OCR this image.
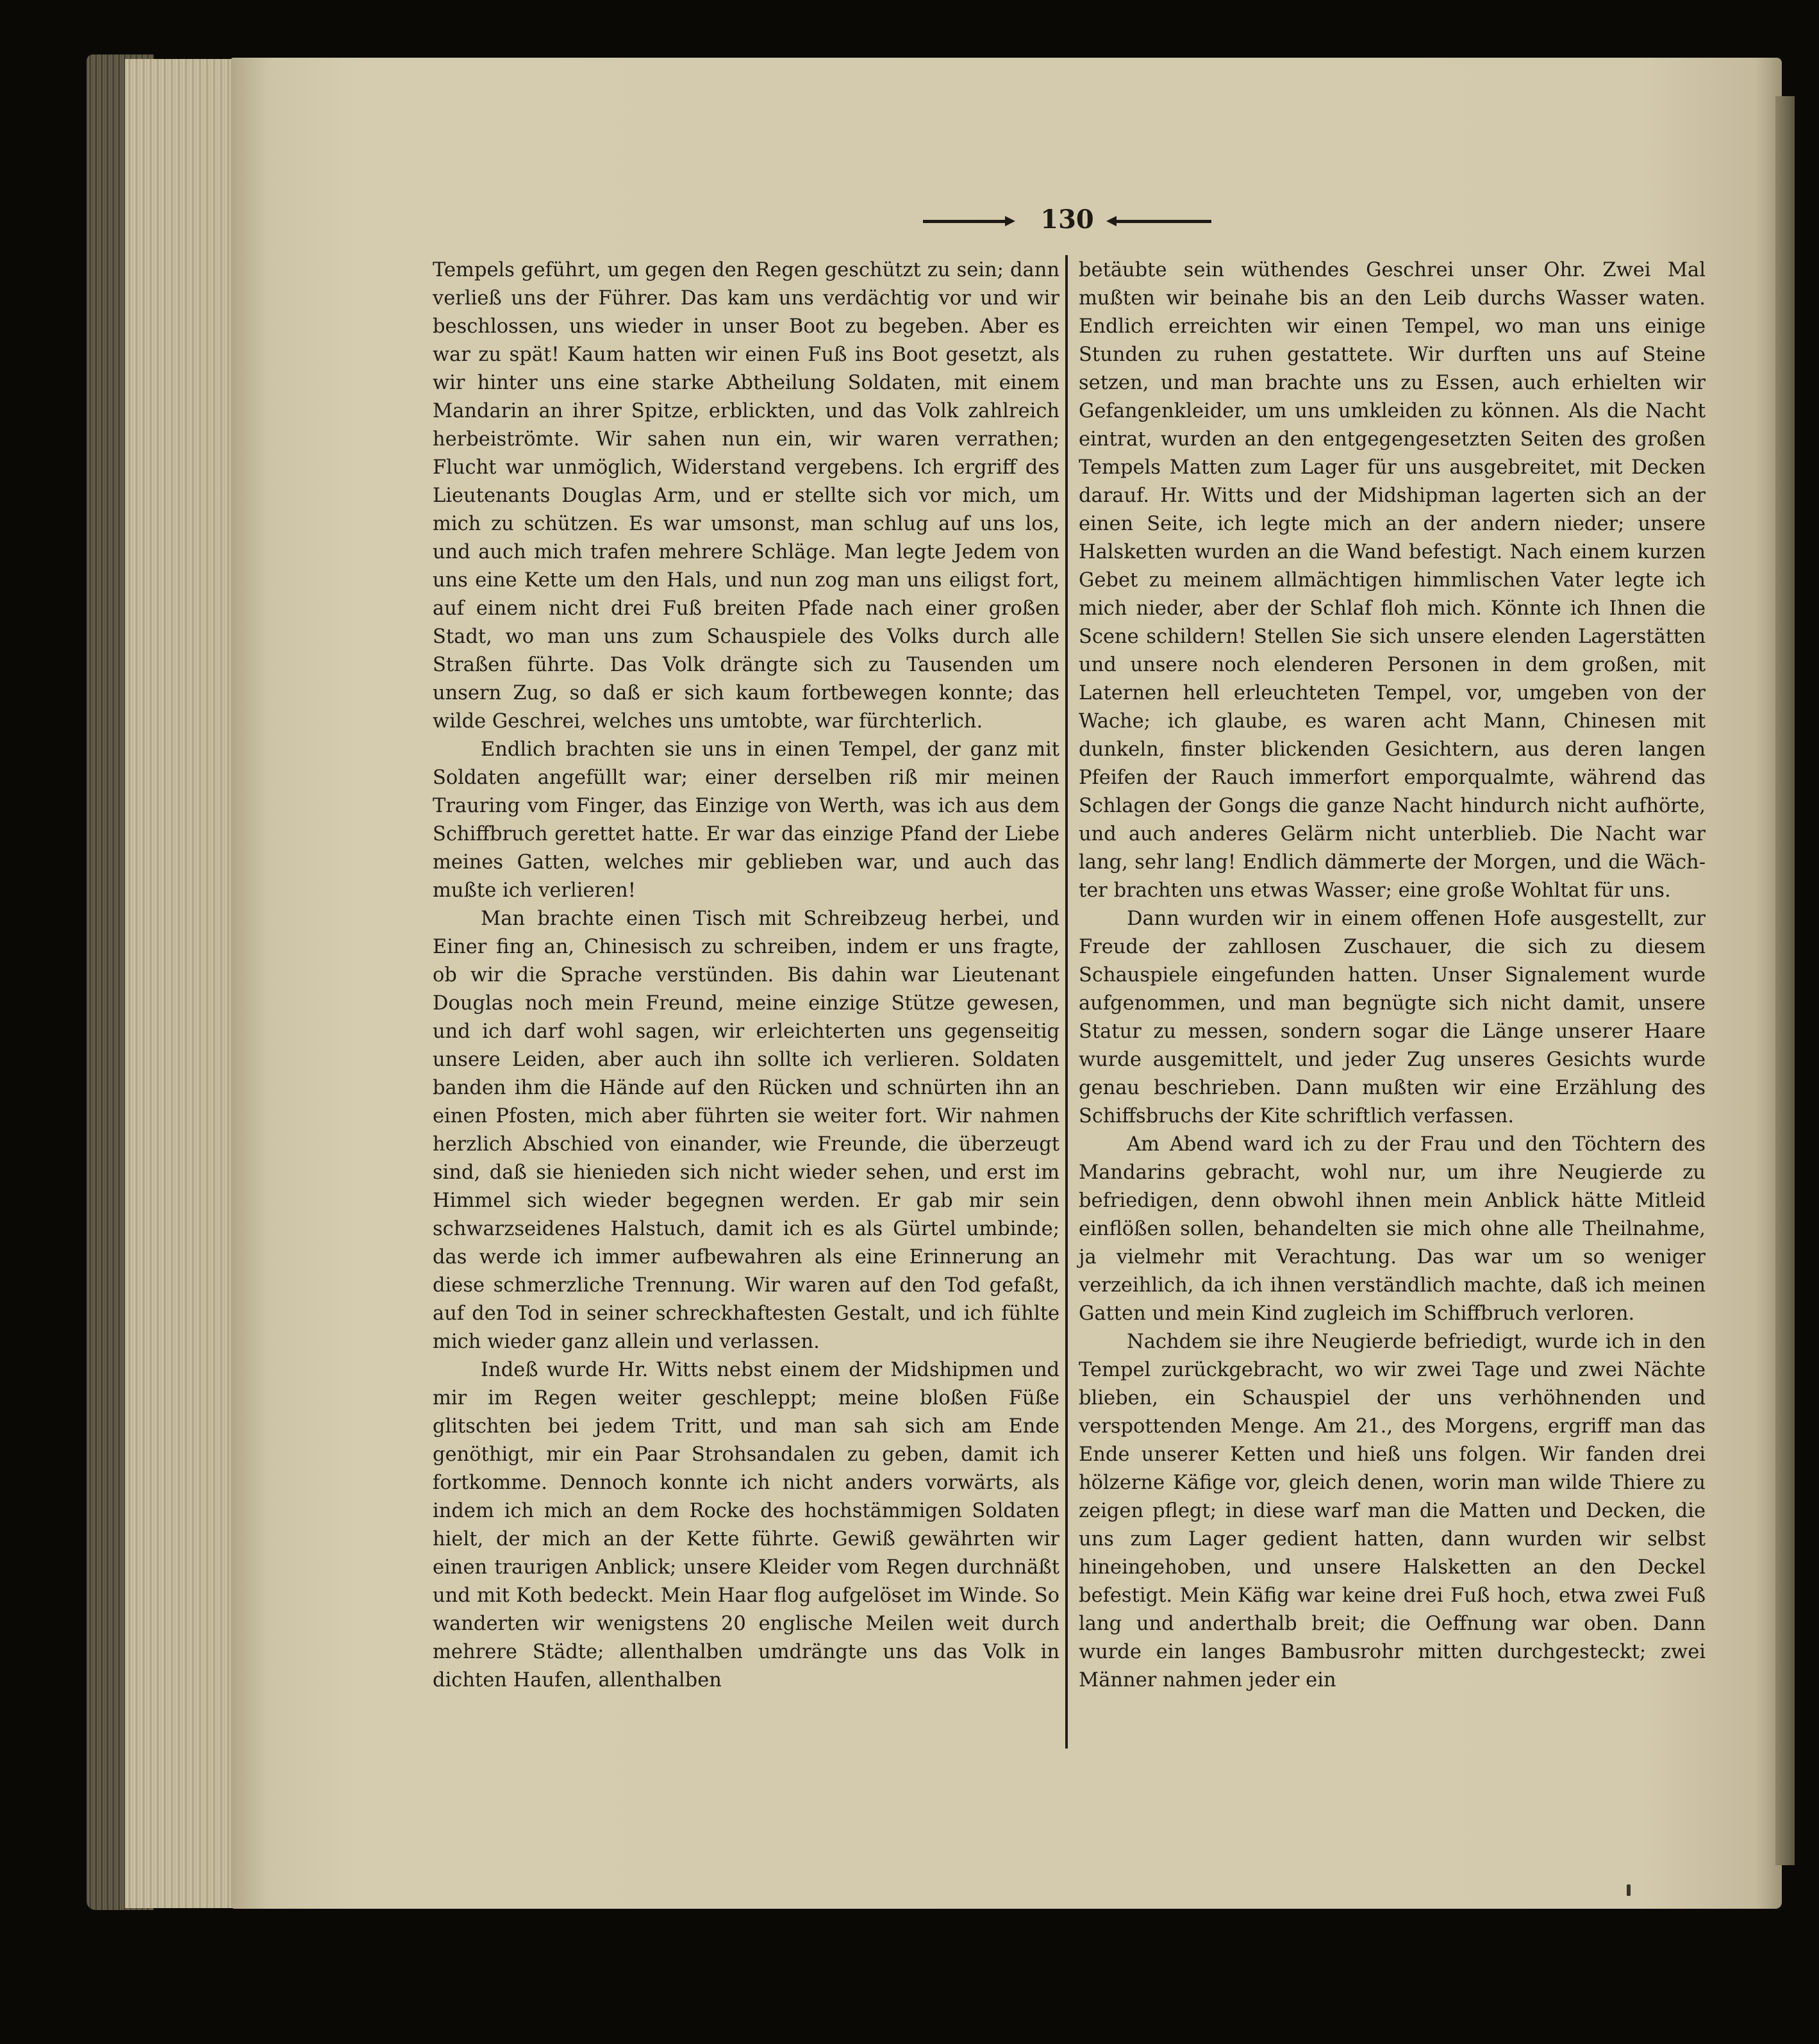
130

Tempels geführt, um gegen den Regen geschützt zu sein; dann verließ uns der Führer. Das kam uns verdächtig vor und wir beschlossen, uns wieder in unser Boot zu begeben. Aber es war zu spät! Kaum hatten wir einen Fuß ins Boot gesetzt, als wir hinter uns eine starke Abtheilung Soldaten, mit einem Mandarin an ihrer Spitze, erblickten, und das Volk zahlreich herbeiströmte. Wir sahen nun ein, wir waren verrathen; Flucht war unmöglich, Widerstand vergebens. Ich ergriff des Lieutenants Douglas Arm, und er stellte sich vor mich, um mich zu schützen. Es war umsonst, man schlug auf uns los, und auch mich trafen mehrere Schläge. Man legte Jedem von uns eine Kette um den Hals, und nun zog man uns eiligst fort, auf einem nicht drei Fuß breiten Pfade nach einer großen Stadt, wo man uns zum Schauspiele des Volks durch alle Straßen führte. Das Volk drängte sich zu Tausenden um unsern Zug, so daß er sich kaum fortbewegen konnte; das wilde Geschrei, welches uns umtobte, war fürchterlich.

Endlich brachten sie uns in einen Tempel, der ganz mit Soldaten angefüllt war; einer derselben riß mir meinen Trauring vom Finger, das Einzige von Werth, was ich aus dem Schiffbruch gerettet hatte. Er war das einzige Pfand der Liebe meines Gatten, welches mir geblieben war, und auch das mußte ich verlieren!

Man brachte einen Tisch mit Schreibzeug herbei, und Einer fing an, Chinesisch zu schreiben, indem er uns fragte, ob wir die Sprache verstünden. Bis dahin war Lieutenant Douglas noch mein Freund, meine einzige Stütze gewesen, und ich darf wohl sagen, wir erleichterten uns gegenseitig unsere Leiden, aber auch ihn sollte ich verlieren. Soldaten banden ihm die Hände auf den Rücken und schnürten ihn an einen Pfosten, mich aber führten sie weiter fort. Wir nahmen herzlich Abschied von einander, wie Freunde, die überzeugt sind, daß sie hienieden sich nicht wieder sehen, und erst im Himmel sich wieder begegnen werden. Er gab mir sein schwarzseidenes Halstuch, damit ich es als Gürtel umbinde; das werde ich immer aufbewahren als eine Erinnerung an diese schmerzliche Trennung. Wir waren auf den Tod gefaßt, auf den Tod in seiner schreckhaftesten Gestalt, und ich fühlte mich wieder ganz allein und verlassen.

Indeß wurde Hr. Witts nebst einem der Midshipmen und mir im Regen weiter geschleppt; meine bloßen Füße glitschten bei jedem Tritt, und man sah sich am Ende genöthigt, mir ein Paar Strohsandalen zu geben, damit ich fortkomme. Dennoch konnte ich nicht anders vorwärts, als indem ich mich an dem Rocke des hochstämmigen Soldaten hielt, der mich an der Kette führte. Gewiß gewährten wir einen traurigen Anblick; unsere Kleider vom Regen durchnäßt und mit Koth bedeckt. Mein Haar flog aufgelöset im Winde. So wanderten wir wenigstens 20 englische Meilen weit durch mehrere Städte; allenthalben umdrängte uns das Volk in dichten Haufen, allenthalben

betäubte sein wüthendes Geschrei unser Ohr. Zwei Mal mußten wir beinahe bis an den Leib durchs Wasser waten. Endlich erreichten wir einen Tempel, wo man uns einige Stunden zu ruhen gestattete. Wir durften uns auf Steine setzen, und man brachte uns zu Essen, auch erhielten wir Gefangenkleider, um uns umkleiden zu können. Als die Nacht eintrat, wurden an den entgegengesetzten Seiten des großen Tempels Matten zum Lager für uns ausgebreitet, mit Decken darauf. Hr. Witts und der Midshipman lagerten sich an der einen Seite, ich legte mich an der andern nieder; unsere Halsketten wurden an die Wand befestigt. Nach einem kurzen Gebet zu meinem allmächtigen himmlischen Vater legte ich mich nieder, aber der Schlaf floh mich. Könnte ich Ihnen die Scene schildern! Stellen Sie sich unsere elenden Lagerstätten und unsere noch elenderen Personen in dem großen, mit Laternen hell erleuchteten Tempel, vor, umgeben von der Wache; ich glaube, es waren acht Mann, Chinesen mit dunkeln, finster blickenden Gesichtern, aus deren langen Pfeifen der Rauch immerfort emporqualmte, während das Schlagen der Gongs die ganze Nacht hindurch nicht aufhörte, und auch anderes Gelärm nicht unterblieb. Die Nacht war lang, sehr lang! Endlich dämmerte der Morgen, und die Wächter brachten uns etwas Wasser; eine große Wohltat für uns.

Dann wurden wir in einem offenen Hofe ausgestellt, zur Freude der zahllosen Zuschauer, die sich zu diesem Schauspiele eingefunden hatten. Unser Signalement wurde aufgenommen, und man begnügte sich nicht damit, unsere Statur zu messen, sondern sogar die Länge unserer Haare wurde ausgemittelt, und jeder Zug unseres Gesichts wurde genau beschrieben. Dann mußten wir eine Erzählung des Schiffsbruchs der Kite schriftlich verfassen.

Am Abend ward ich zu der Frau und den Töchtern des Mandarins gebracht, wohl nur, um ihre Neugierde zu befriedigen, denn obwohl ihnen mein Anblick hätte Mitleid einflößen sollen, behandelten sie mich ohne alle Theilnahme, ja vielmehr mit Verachtung. Das war um so weniger verzeihlich, da ich ihnen verständlich machte, daß ich meinen Gatten und mein Kind zugleich im Schiffbruch verloren.

Nachdem sie ihre Neugierde befriedigt, wurde ich in den Tempel zurückgebracht, wo wir zwei Tage und zwei Nächte blieben, ein Schauspiel der uns verhöhnenden und verspottenden Menge. Am 21., des Morgens, ergriff man das Ende unserer Ketten und hieß uns folgen. Wir fanden drei hölzerne Käfige vor, gleich denen, worin man wilde Thiere zu zeigen pflegt; in diese warf man die Matten und Decken, die uns zum Lager gedient hatten, dann wurden wir selbst hineingehoben, und unsere Halsketten an den Deckel befestigt. Mein Käfig war keine drei Fuß hoch, etwa zwei Fuß lang und anderthalb breit; die Oeffnung war oben. Dann wurde ein langes Bambusrohr mitten durchgesteckt; zwei Männer nahmen jeder ein
